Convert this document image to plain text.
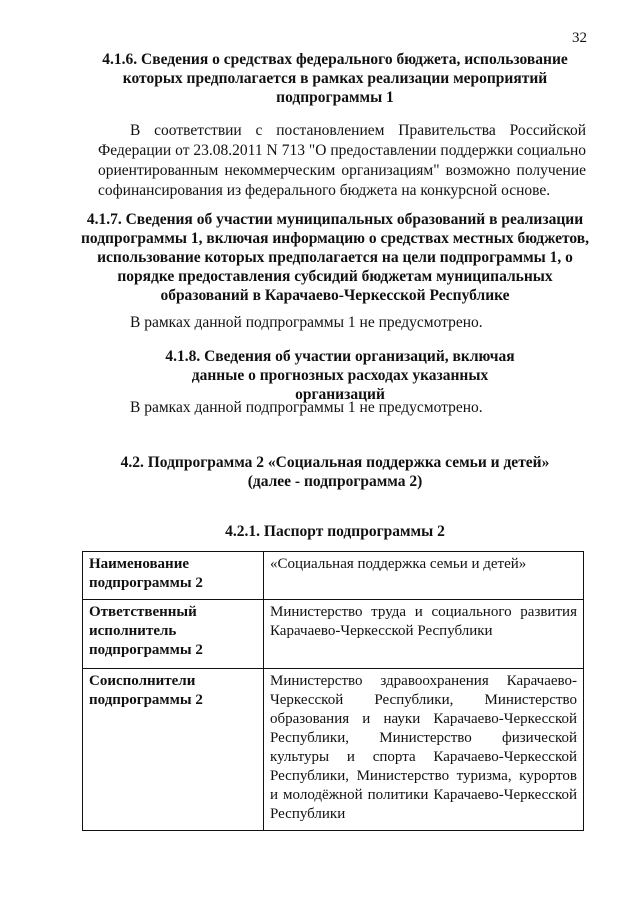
32
4.1.6. Сведения о средствах федерального бюджета, использование которых предполагается в рамках реализации мероприятий подпрограммы 1
В соответствии с постановлением Правительства Российской Федерации от 23.08.2011 N 713 "О предоставлении поддержки социально ориентированным некоммерческим организациям" возможно получение софинансирования из федерального бюджета на конкурсной основе.
4.1.7. Сведения об участии муниципальных образований в реализации подпрограммы 1, включая информацию о средствах местных бюджетов, использование которых предполагается на цели подпрограммы 1, о порядке предоставления субсидий бюджетам муниципальных образований в Карачаево-Черкесской Республике
В рамках данной подпрограммы 1 не предусмотрено.
4.1.8. Сведения об участии организаций, включая данные о прогнозных расходах указанных организаций
В рамках данной подпрограммы 1 не предусмотрено.
4.2. Подпрограмма 2 «Социальная поддержка семьи и детей» (далее - подпрограмма 2)
4.2.1. Паспорт подпрограммы 2
Наименование подпрограммы 2	«Социальная поддержка семьи и детей»
Ответственный исполнитель подпрограммы 2	Министерство труда и социального развития Карачаево-Черкесской Республики
Соисполнители подпрограммы 2	Министерство здравоохранения Карачаево-Черкесской Республики, Министерство образования и науки Карачаево-Черкесской Республики, Министерство физической культуры и спорта Карачаево-Черкесской Республики, Министерство туризма, курортов и молодёжной политики Карачаево-Черкесской Республики
